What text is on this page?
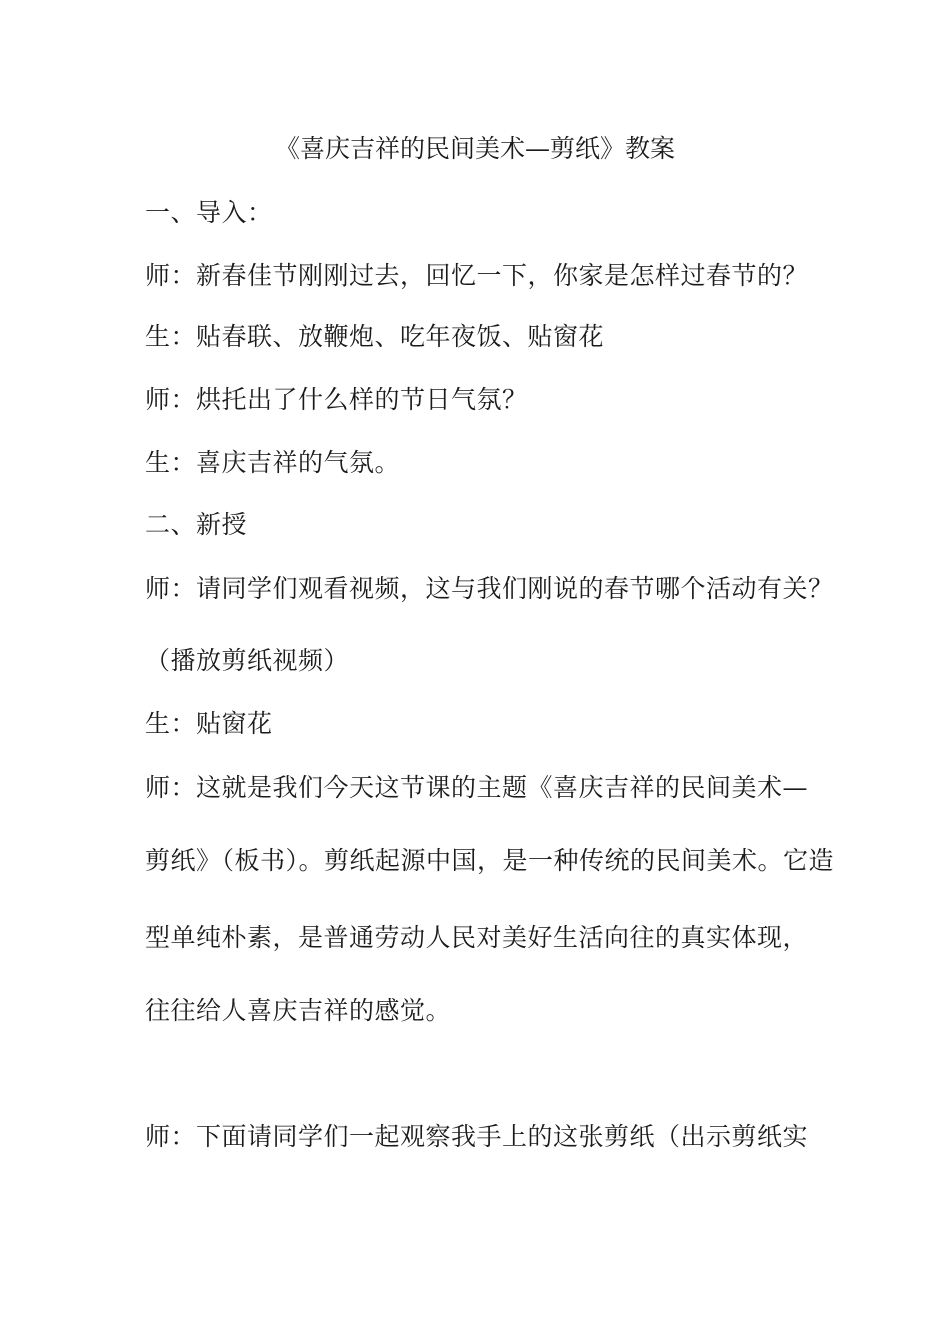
《喜庆吉祥的民间美术—剪纸》教案
一、导入：
师：新春佳节刚刚过去，回忆一下，你家是怎样过春节的？
生：贴春联、放鞭炮、吃年夜饭、贴窗花
师：烘托出了什么样的节日气氛？
生：喜庆吉祥的气氛。
二、新授
师：请同学们观看视频，这与我们刚说的春节哪个活动有关？
（播放剪纸视频）
生：贴窗花
师：这就是我们今天这节课的主题《喜庆吉祥的民间美术—
剪纸》（板书）。剪纸起源中国，是一种传统的民间美术。它造
型单纯朴素，是普通劳动人民对美好生活向往的真实体现，
往往给人喜庆吉祥的感觉。
师：下面请同学们一起观察我手上的这张剪纸（出示剪纸实
